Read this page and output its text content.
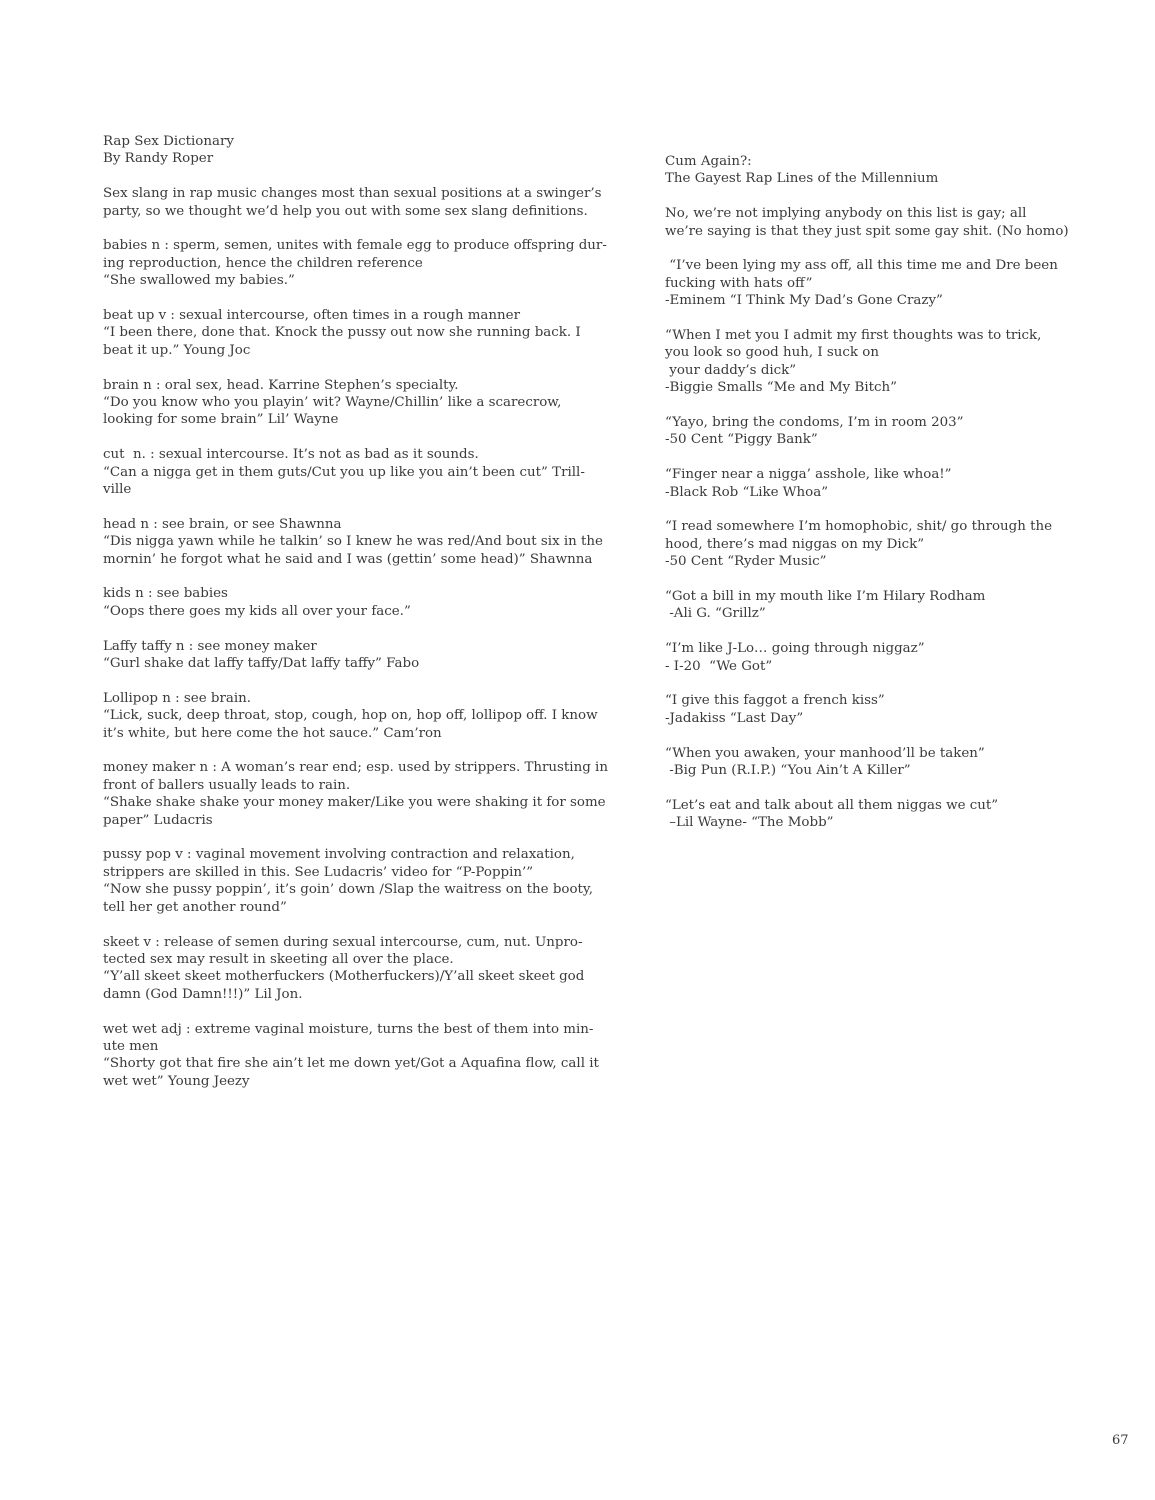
Rap Sex Dictionary
By Randy Roper
Sex slang in rap music changes most than sexual positions at a swinger’s
party, so we thought we’d help you out with some sex slang definitions.
babies n : sperm, semen, unites with female egg to produce offspring dur-
ing reproduction, hence the children reference
“She swallowed my babies.”
beat up v : sexual intercourse, often times in a rough manner
“I been there, done that. Knock the pussy out now she running back. I
beat it up.” Young Joc
brain n : oral sex, head. Karrine Stephen’s specialty.
“Do you know who you playin’ wit? Wayne/Chillin’ like a scarecrow,
looking for some brain” Lil’ Wayne
cut  n. : sexual intercourse. It’s not as bad as it sounds.
“Can a nigga get in them guts/Cut you up like you ain’t been cut” Trill-
ville
head n : see brain, or see Shawnna
“Dis nigga yawn while he talkin’ so I knew he was red/And bout six in the
mornin’ he forgot what he said and I was (gettin’ some head)” Shawnna
kids n : see babies
“Oops there goes my kids all over your face.”
Laffy taffy n : see money maker
“Gurl shake dat laffy taffy/Dat laffy taffy” Fabo
Lollipop n : see brain.
“Lick, suck, deep throat, stop, cough, hop on, hop off, lollipop off. I know
it’s white, but here come the hot sauce.” Cam’ron
money maker n : A woman’s rear end; esp. used by strippers. Thrusting in
front of ballers usually leads to rain.
“Shake shake shake your money maker/Like you were shaking it for some
paper” Ludacris
pussy pop v : vaginal movement involving contraction and relaxation,
strippers are skilled in this. See Ludacris’ video for “P-Poppin’”
“Now she pussy poppin’, it’s goin’ down /Slap the waitress on the booty,
tell her get another round”
skeet v : release of semen during sexual intercourse, cum, nut. Unpro-
tected sex may result in skeeting all over the place.
“Y’all skeet skeet motherfuckers (Motherfuckers)/Y’all skeet skeet god
damn (God Damn!!!)” Lil Jon.
wet wet adj : extreme vaginal moisture, turns the best of them into min-
ute men
“Shorty got that fire she ain’t let me down yet/Got a Aquafina flow, call it
wet wet” Young Jeezy
Cum Again?:
The Gayest Rap Lines of the Millennium
No, we’re not implying anybody on this list is gay; all
we’re saying is that they just spit some gay shit. (No homo)
“I’ve been lying my ass off, all this time me and Dre been
fucking with hats off”
-Eminem “I Think My Dad’s Gone Crazy”
“When I met you I admit my first thoughts was to trick,
you look so good huh, I suck on
your daddy’s dick”
-Biggie Smalls “Me and My Bitch”
“Yayo, bring the condoms, I’m in room 203”
-50 Cent “Piggy Bank”
“Finger near a nigga’ asshole, like whoa!”
-Black Rob “Like Whoa”
“I read somewhere I’m homophobic, shit/ go through the
hood, there’s mad niggas on my Dick”
-50 Cent “Ryder Music”
“Got a bill in my mouth like I’m Hilary Rodham
-Ali G. “Grillz”
“I’m like J-Lo… going through niggaz”
- I-20  “We Got”
“I give this faggot a french kiss”
-Jadakiss “Last Day”
“When you awaken, your manhood’ll be taken”
-Big Pun (R.I.P.) “You Ain’t A Killer”
“Let’s eat and talk about all them niggas we cut”
–Lil Wayne- “The Mobb”
67
